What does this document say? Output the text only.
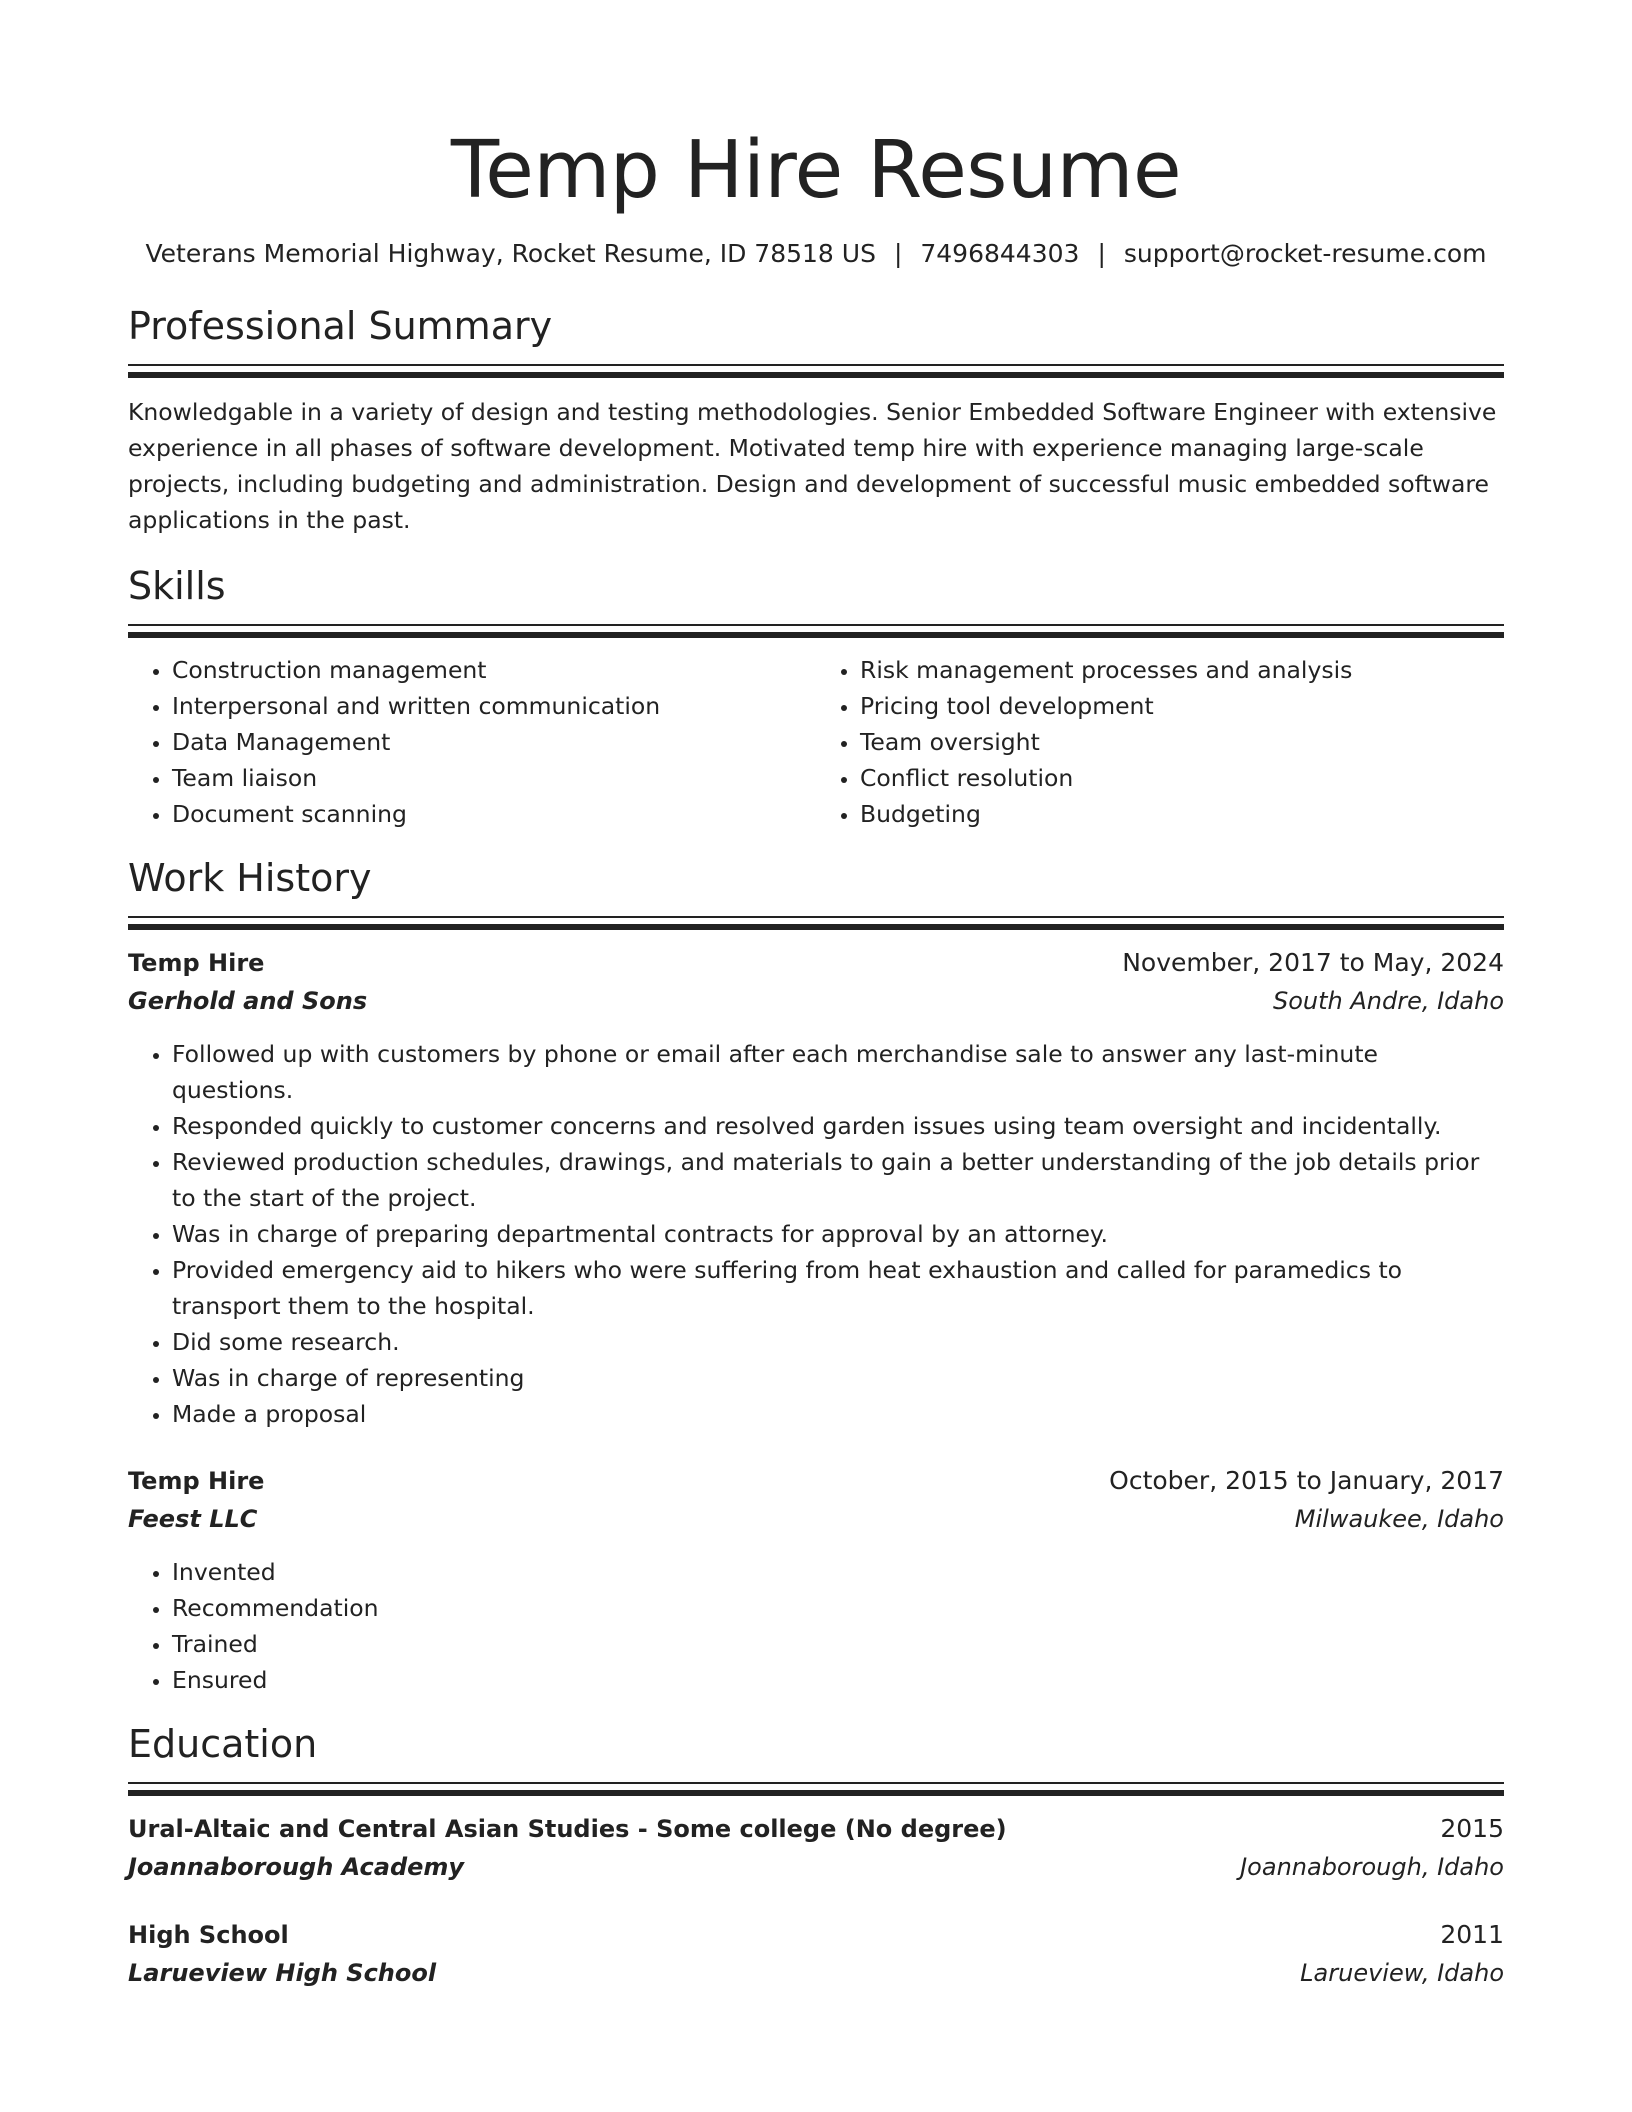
Temp Hire Resume
Veterans Memorial Highway, Rocket Resume, ID 78518 US | 7496844303 | support@rocket-resume.com
Professional Summary

Knowledgable in a variety of design and testing methodologies. Senior Embedded Software Engineer with extensive experience in all phases of software development. Motivated temp hire with experience managing large-scale projects, including budgeting and administration. Design and development of successful music embedded software applications in the past.

Skills
• Construction management
• Interpersonal and written communication
• Data Management
• Team liaison
• Document scanning
• Risk management processes and analysis
• Pricing tool development
• Team oversight
• Conflict resolution
• Budgeting
Work History
Temp Hire	November, 2017 to May, 2024
Gerhold and Sons	South Andre, Idaho
• Followed up with customers by phone or email after each merchandise sale to answer any last-minute questions.
• Responded quickly to customer concerns and resolved garden issues using team oversight and incidentally.
• Reviewed production schedules, drawings, and materials to gain a better understanding of the job details prior to the start of the project.
• Was in charge of preparing departmental contracts for approval by an attorney.
• Provided emergency aid to hikers who were suffering from heat exhaustion and called for paramedics to transport them to the hospital.
• Did some research.
• Was in charge of representing
• Made a proposal
Temp Hire	October, 2015 to January, 2017
Feest LLC	Milwaukee, Idaho
• Invented
• Recommendation
• Trained
• Ensured
Education
Ural-Altaic and Central Asian Studies - Some college (No degree)	2015
Joannaborough Academy	Joannaborough, Idaho
High School	2011
Larueview High School	Larueview, Idaho
